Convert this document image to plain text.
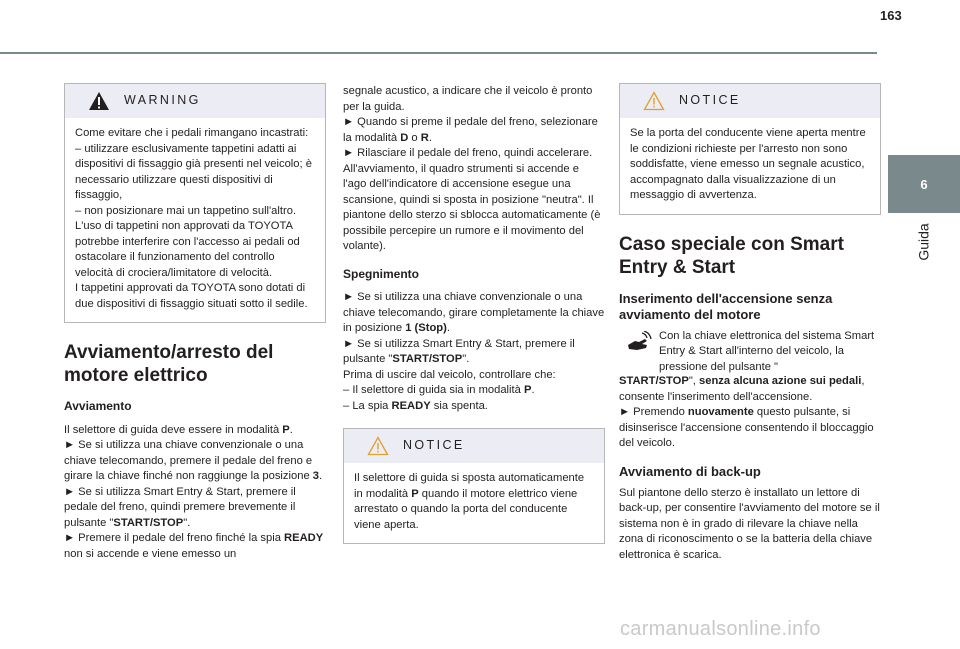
163
6
Guida
WARNING

Come evitare che i pedali rimangano incastrati:

– utilizzare esclusivamente tappetini adatti ai dispositivi di fissaggio già presenti nel veicolo; è necessario utilizzare questi dispositivi di fissaggio,

– non posizionare mai un tappetino sull'altro.

L'uso di tappetini non approvati da TOYOTA potrebbe interferire con l'accesso ai pedali od ostacolare il funzionamento del controllo velocità di crociera/limitatore di velocità.

I tappetini approvati da TOYOTA sono dotati di due dispositivi di fissaggio situati sotto il sedile.

Avviamento/arresto del motore elettrico
Avviamento

Il selettore di guida deve essere in modalità P.

► Se si utilizza una chiave convenzionale o una chiave telecomando, premere il pedale del freno e girare la chiave finché non raggiunge la posizione 3.

► Se si utilizza Smart Entry & Start, premere il pedale del freno, quindi premere brevemente il pulsante "START/STOP".

► Premere il pedale del freno finché la spia READY non si accende e viene emesso un

segnale acustico, a indicare che il veicolo è pronto per la guida.

► Quando si preme il pedale del freno, selezionare la modalità D o R.

► Rilasciare il pedale del freno, quindi accelerare.

All'avviamento, il quadro strumenti si accende e l'ago dell'indicatore di accensione esegue una scansione, quindi si sposta in posizione "neutra". Il piantone dello sterzo si sblocca automaticamente (è possibile percepire un rumore e il movimento del volante).

Spegnimento

► Se si utilizza una chiave convenzionale o una chiave telecomando, girare completamente la chiave in posizione 1 (Stop).

► Se si utilizza Smart Entry & Start, premere il pulsante "START/STOP".

Prima di uscire dal veicolo, controllare che:

– Il selettore di guida sia in modalità P.

– La spia READY sia spenta.

NOTICE

Il selettore di guida si sposta automaticamente in modalità P quando il motore elettrico viene arrestato o quando la porta del conducente viene aperta.

NOTICE

Se la porta del conducente viene aperta mentre le condizioni richieste per l'arresto non sono soddisfatte, viene emesso un segnale acustico, accompagnato dalla visualizzazione di un messaggio di avvertenza.

Caso speciale con Smart Entry & Start
Inserimento dell'accensione senza avviamento del motore

Con la chiave elettronica del sistema Smart Entry & Start all'interno del veicolo, la pressione del pulsante "

START/STOP", senza alcuna azione sui pedali, consente l'inserimento dell'accensione.

► Premendo nuovamente questo pulsante, si disinserisce l'accensione consentendo il bloccaggio del veicolo.

Avviamento di back-up

Sul piantone dello sterzo è installato un lettore di back-up, per consentire l'avviamento del motore se il sistema non è in grado di rilevare la chiave nella zona di riconoscimento o se la batteria della chiave elettronica è scarica.

carmanualsonline.info
